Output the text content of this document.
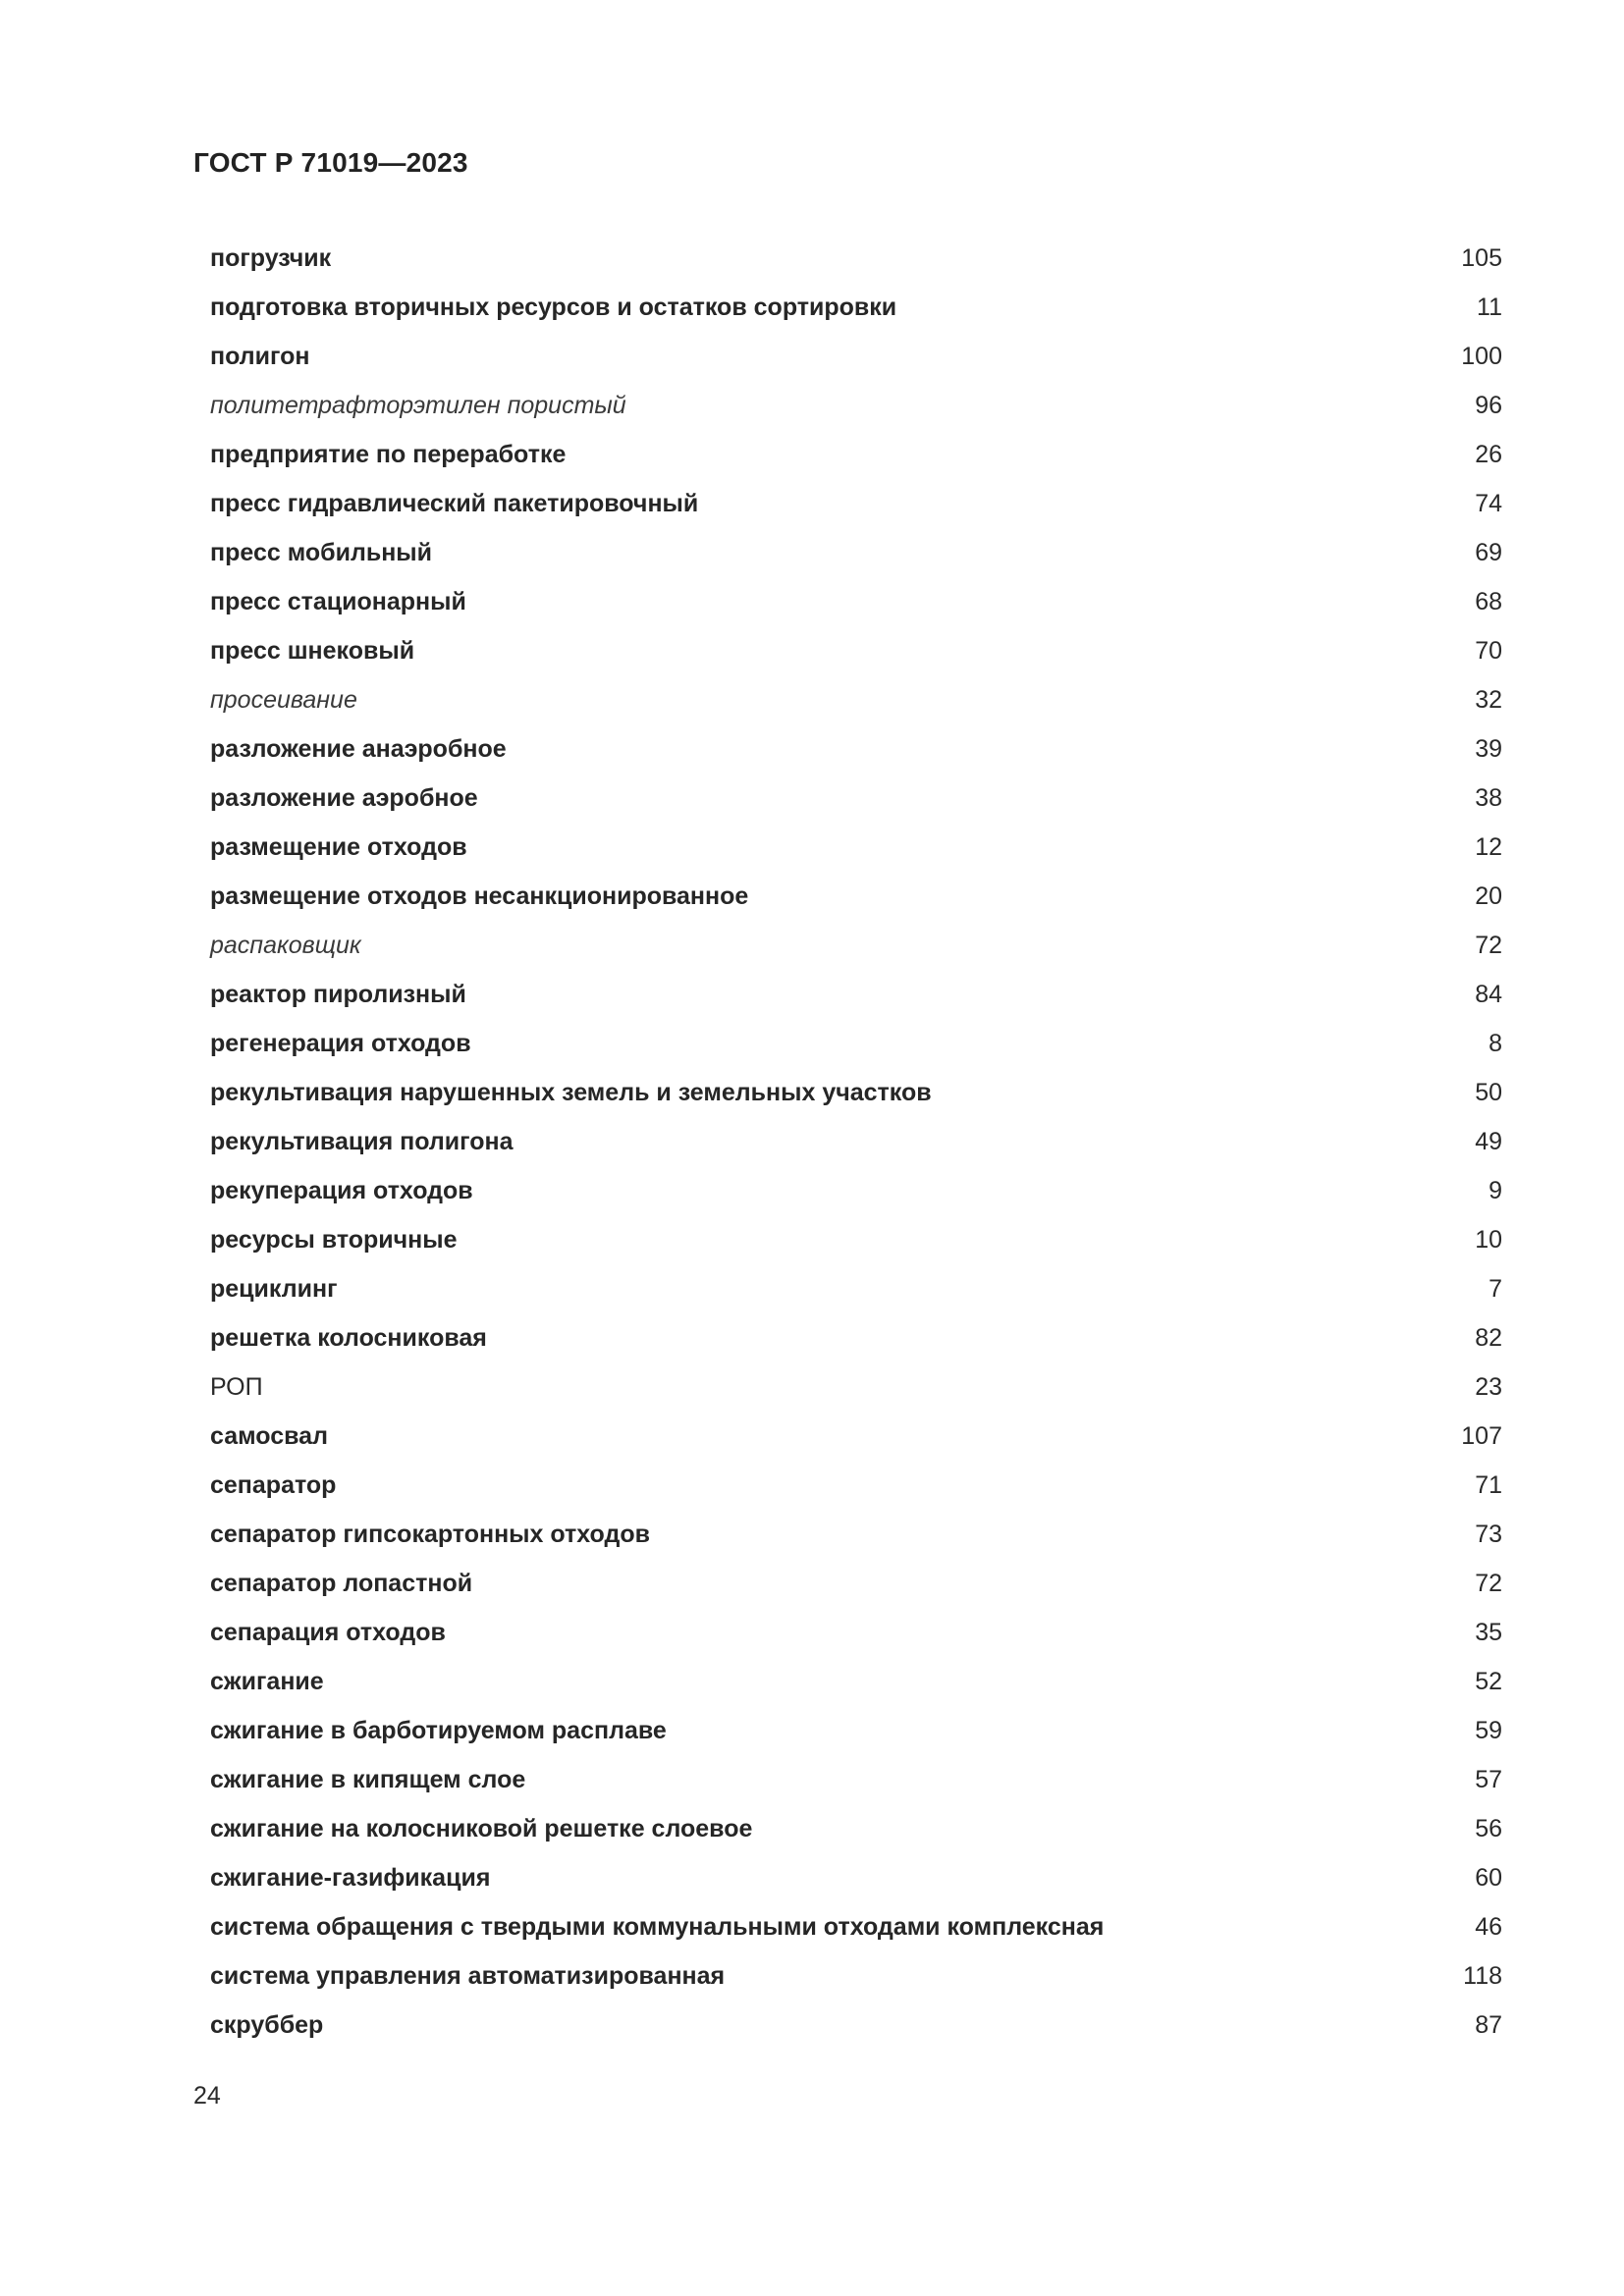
ГОСТ Р 71019—2023
погрузчик	105
подготовка вторичных ресурсов и остатков сортировки	11
полигон	100
политетрафторэтилен пористый	96
предприятие по переработке	26
пресс гидравлический пакетировочный	74
пресс мобильный	69
пресс стационарный	68
пресс шнековый	70
просеивание	32
разложение анаэробное	39
разложение аэробное	38
размещение отходов	12
размещение отходов несанкционированное	20
распаковщик	72
реактор пиролизный	84
регенерация отходов	8
рекультивация нарушенных земель и земельных участков	50
рекультивация полигона	49
рекуперация отходов	9
ресурсы вторичные	10
рециклинг	7
решетка колосниковая	82
РОП	23
самосвал	107
сепаратор	71
сепаратор гипсокартонных отходов	73
сепаратор лопастной	72
сепарация отходов	35
сжигание	52
сжигание в барботируемом расплаве	59
сжигание в кипящем слое	57
сжигание на колосниковой решетке слоевое	56
сжигание-газификация	60
система обращения с твердыми коммунальными отходами комплексная	46
система управления автоматизированная	118
скруббер	87
24
